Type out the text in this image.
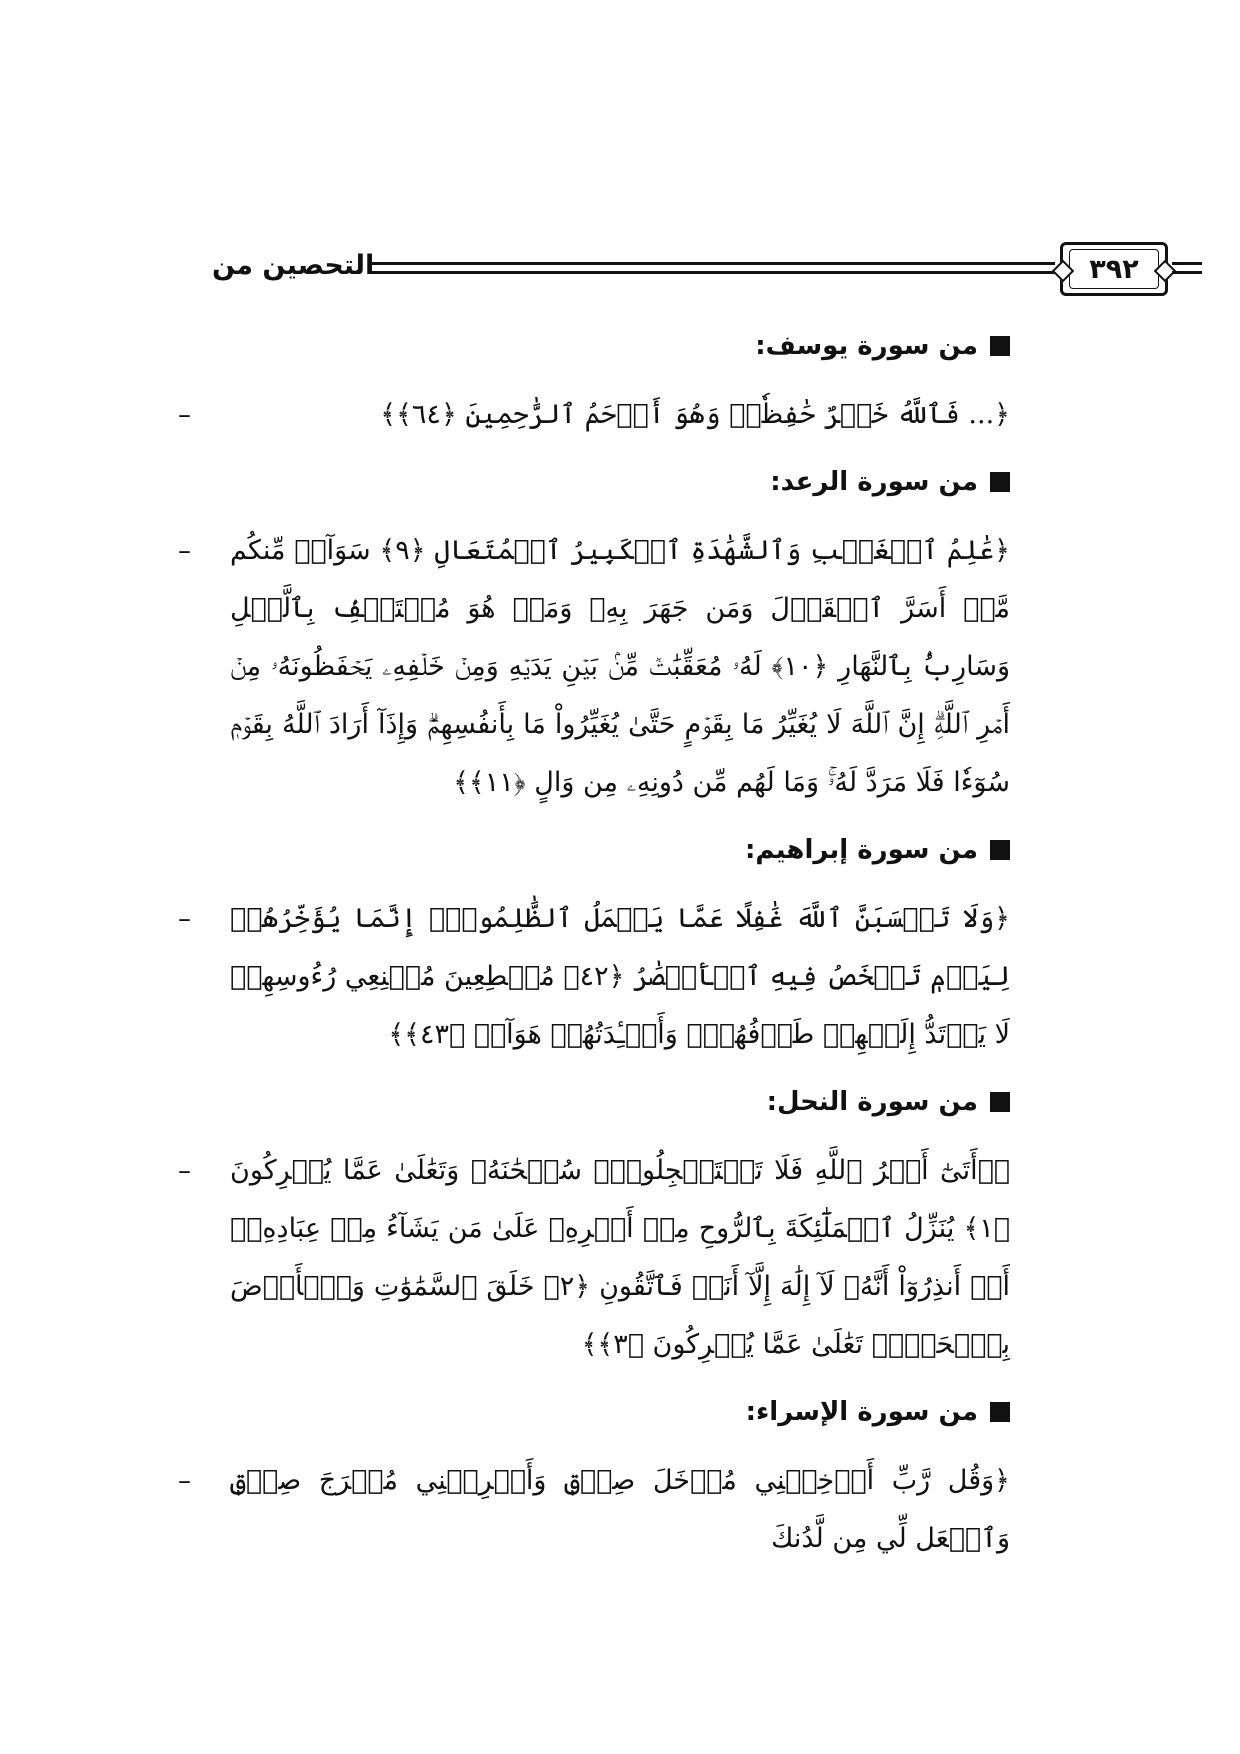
التحصين من	٣٩٢
من سورة يوسف:
﴿... فَٱللَّهُ خَيۡرٌ حَٰفِظٗاۖ وَهُوَ أَرۡحَمُ ٱلرَّٰحِمِينَ ﴿٦٤﴾﴾
–
من سورة الرعد:
﴿عَٰلِمُ ٱلۡغَيۡبِ وَٱلشَّهَٰدَةِ ٱلۡكَبِيرُ ٱلۡمُتَعَالِ ﴿٩﴾ سَوَآءٞ مِّنكُم مَّنۡ أَسَرَّ ٱلۡقَوۡلَ وَمَن جَهَرَ بِهِۦ وَمَنۡ هُوَ مُسۡتَخۡفِۢ بِٱلَّيۡلِ وَسَارِبُۢ بِٱلنَّهَارِ ﴿١٠﴾ لَهُۥ مُعَقِّبَٰتٞ مِّنۢ بَيۡنِ يَدَيۡهِ وَمِنۡ خَلۡفِهِۦ يَحۡفَظُونَهُۥ مِنۡ أَمۡرِ ٱللَّهِۗ إِنَّ ٱللَّهَ لَا يُغَيِّرُ مَا بِقَوۡمٍ حَتَّىٰ يُغَيِّرُواْ مَا بِأَنفُسِهِمۡۗ وَإِذَآ أَرَادَ ٱللَّهُ بِقَوۡمٖ سُوٓءٗا فَلَا مَرَدَّ لَهُۥۚ وَمَا لَهُم مِّن دُونِهِۦ مِن وَالٍ ﴿١١﴾﴾
–
من سورة إبراهيم:
﴿وَلَا تَحۡسَبَنَّ ٱللَّهَ غَٰفِلًا عَمَّا يَعۡمَلُ ٱلظَّٰلِمُونَۚ إِنَّمَا يُؤَخِّرُهُمۡ لِيَوۡمٖ تَشۡخَصُ فِيهِ ٱلۡأَبۡصَٰرُ ﴿٤٢﴾ مُهۡطِعِينَ مُقۡنِعِي رُءُوسِهِمۡ لَا يَرۡتَدُّ إِلَيۡهِمۡ طَرۡفُهُمۡۖ وَأَفۡـِٔدَتُهُمۡ هَوَآءٞ ﴿٤٣﴾﴾
–
من سورة النحل:
﴿۞أَتَىٰٓ أَمۡرُ ٱللَّهِ فَلَا تَسۡتَعۡجِلُوهُۚ سُبۡحَٰنَهُۥ وَتَعَٰلَىٰ عَمَّا يُشۡرِكُونَ ﴿١﴾ يُنَزِّلُ ٱلۡمَلَٰٓئِكَةَ بِٱلرُّوحِ مِنۡ أَمۡرِهِۦ عَلَىٰ مَن يَشَآءُ مِنۡ عِبَادِهِۦٓ أَنۡ أَنذِرُوٓاْ أَنَّهُۥ لَآ إِلَٰهَ إِلَّآ أَنَا۠ فَٱتَّقُونِ ﴿٢﴾ خَلَقَ ٱلسَّمَٰوَٰتِ وَٱلۡأَرۡضَ بِٱلۡحَقِّۚ تَعَٰلَىٰ عَمَّا يُشۡرِكُونَ ﴿٣﴾﴾
–
من سورة الإسراء:
﴿وَقُل رَّبِّ أَدۡخِلۡنِي مُدۡخَلَ صِدۡقٖ وَأَخۡرِجۡنِي مُخۡرَجَ صِدۡقٖ وَٱجۡعَل لِّي مِن لَّدُنكَ
–
